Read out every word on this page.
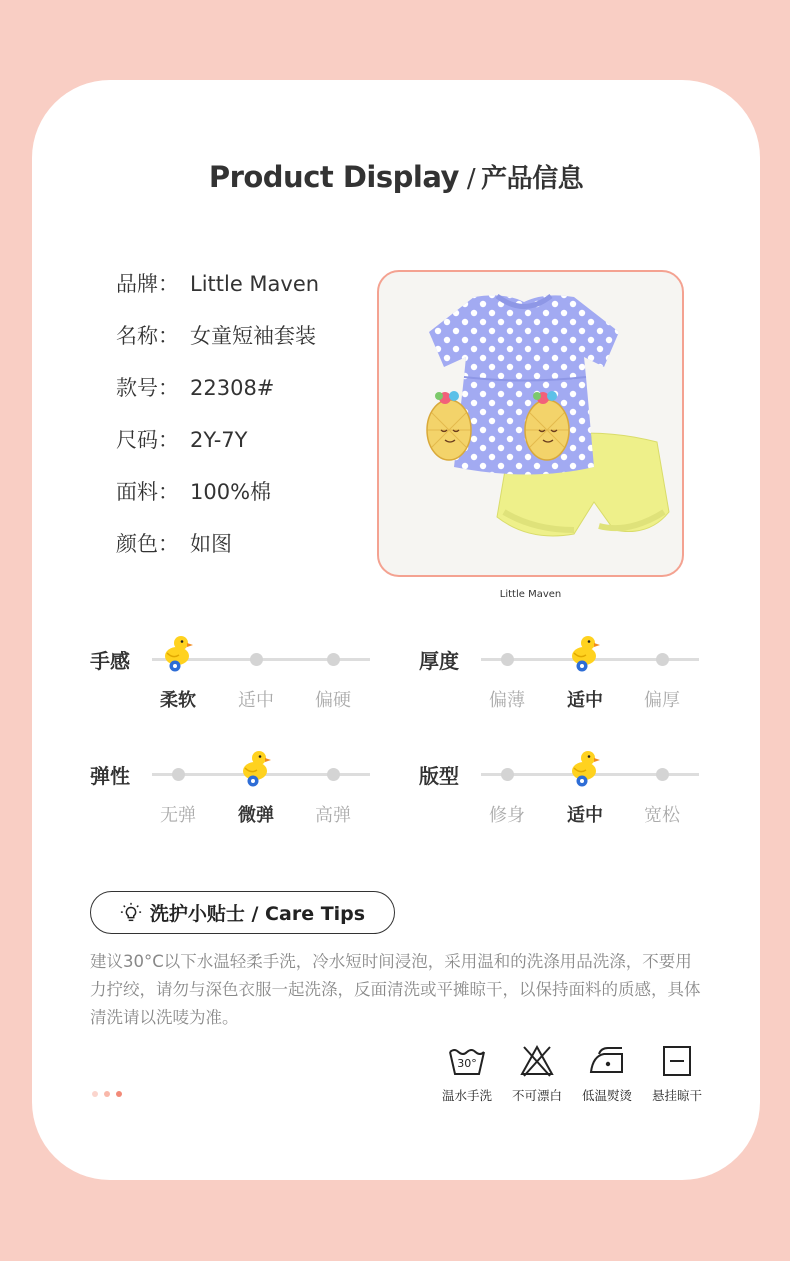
Product Display / 产品信息
品牌： Little Maven
名称： 女童短袖套装
款号： 22308#
尺码： 2Y-7Y
面料： 100%棉
颜色： 如图
Little Maven
手感
柔软	适中	偏硬
厚度
偏薄	适中	偏厚
弹性
无弹	微弹	高弹
版型
修身	适中	宽松
洗护小贴士 / Care Tips
建议30°C以下水温轻柔手洗，冷水短时间浸泡，采用温和的洗涤用品洗涤，不要用力拧绞，请勿与深色衣服一起洗涤，反面清洗或平摊晾干，以保持面料的质感，具体清洗请以洗唛为准。
30°
温水手洗	不可漂白	低温熨烫	悬挂晾干
